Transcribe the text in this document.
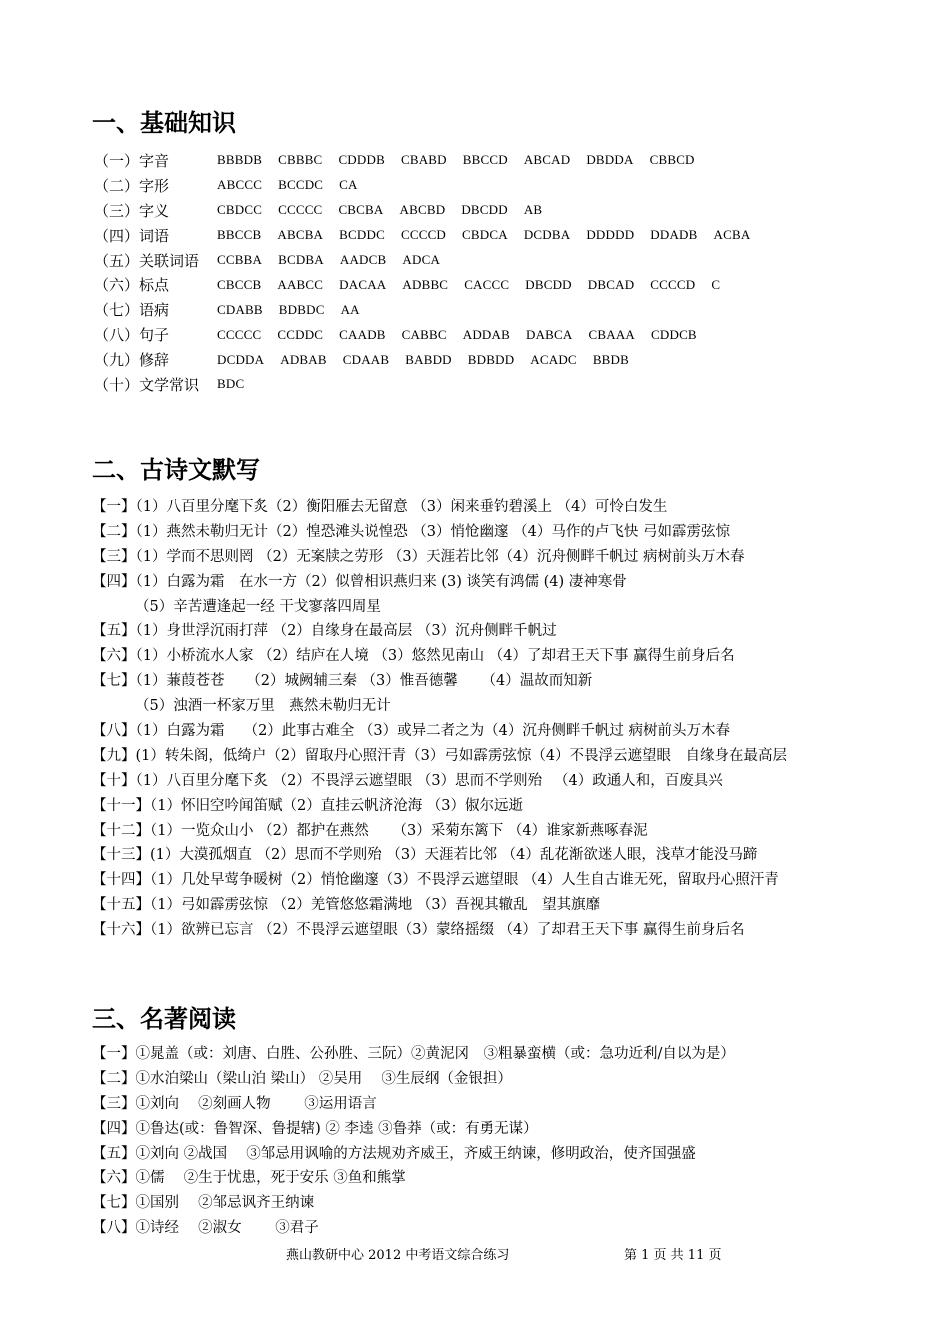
一、基础知识
（一）字音	BBBDB CBBBC CDDDB CBABD BBCCD ABCAD DBDDA CBBCD
（二）字形	ABCCC BCCDC CA
（三）字义	CBDCC CCCCC CBCBA ABCBD DBCDD AB
（四）词语	BBCCB ABCBA BCDDC CCCCD CBDCA DCDBA DDDDD DDADB ACBA
（五）关联词语	CCBBA BCDBA AADCB ADCA
（六）标点	CBCCB AABCC DACAA ADBBC CACCC DBCDD DBCAD CCCCD C
（七）语病	CDABB BDBDC AA
（八）句子	CCCCC CCDDC CAADB CABBC ADDAB DABCA CBAAA CDDCB
（九）修辞	DCDDA ADBAB CDAAB BABDD BDBDD ACADC BBDB
（十）文学常识	BDC
二、古诗文默写
【一】（1）八百里分麾下炙（2）衡阳雁去无留意 （3）闲来垂钓碧溪上 （4）可怜白发生
【二】（1）燕然未勒归无计（2）惶恐滩头说惶恐 （3）悄怆幽邃 （4）马作的卢飞快 弓如霹雳弦惊
【三】（1）学而不思则罔 （2）无案牍之劳形 （3）天涯若比邻（4）沉舟侧畔千帆过 病树前头万木春
【四】（1）白露为霜　在水一方（2）似曾相识燕归来 (3) 谈笑有鸿儒 (4) 凄神寒骨
（5）辛苦遭逢起一经 干戈寥落四周星
【五】（1）身世浮沉雨打萍 （2）自缘身在最高层 （3）沉舟侧畔千帆过
【六】（1）小桥流水人家 （2）结庐在人境 （3）悠然见南山 （4）了却君王天下事 赢得生前身后名
【七】（1）蒹葭苍苍　　（2）城阙辅三秦 （3）惟吾德馨 　 （4）温故而知新
（5）浊酒一杯家万里　燕然未勒归无计
【八】（1）白露为霜　 （2）此事古难全 （3）或异二者之为（4）沉舟侧畔千帆过 病树前头万木春
【九】(1）转朱阁，低绮户（2）留取丹心照汗青（3）弓如霹雳弦惊（4）不畏浮云遮望眼　自缘身在最高层
【十】（1）八百里分麾下炙 （2）不畏浮云遮望眼 （3）思而不学则殆 　（4）政通人和，百废具兴
【十一】（1）怀旧空吟闻笛赋（2）直挂云帆济沧海 （3）俶尔远逝
【十二】（1）一览众山小 （2）都护在燕然 　 （3）采菊东篱下 （4）谁家新燕啄春泥
【十三】(1）大漠孤烟直 （2）思而不学则殆 （3）天涯若比邻 （4）乱花渐欲迷人眼，浅草才能没马蹄
【十四】（1）几处早莺争暖树（2）悄怆幽邃（3）不畏浮云遮望眼 （4）人生自古谁无死，留取丹心照汗青
【十五】（1）弓如霹雳弦惊 （2）羌管悠悠霜满地 （3）吾视其辙乱　望其旗靡
【十六】（1）欲辨已忘言 （2）不畏浮云遮望眼（3）蒙络摇缀 （4）了却君王天下事 赢得生前身后名
三、名著阅读
【一】①晁盖（或：刘唐、白胜、公孙胜、三阮）②黄泥冈　③粗暴蛮横（或：急功近利/自以为是）
【二】①水泊梁山（梁山泊 梁山） ②吴用 　③生辰纲（金银担）
【三】①刘向 　②刻画人物 　　③运用语言
【四】①鲁达(或：鲁智深、鲁提辖) ② 李逵 ③鲁莽（或：有勇无谋）
【五】①刘向 ②战国 　③邹忌用讽喻的方法规劝齐威王，齐威王纳谏，修明政治，使齐国强盛
【六】①儒 　②生于忧患，死于安乐 ③鱼和熊掌
【七】①国别 　②邹忌讽齐王纳谏
【八】①诗经 　②淑女 　　③君子
燕山教研中心 2012 中考语文综合练习	第 1 页 共 11 页
